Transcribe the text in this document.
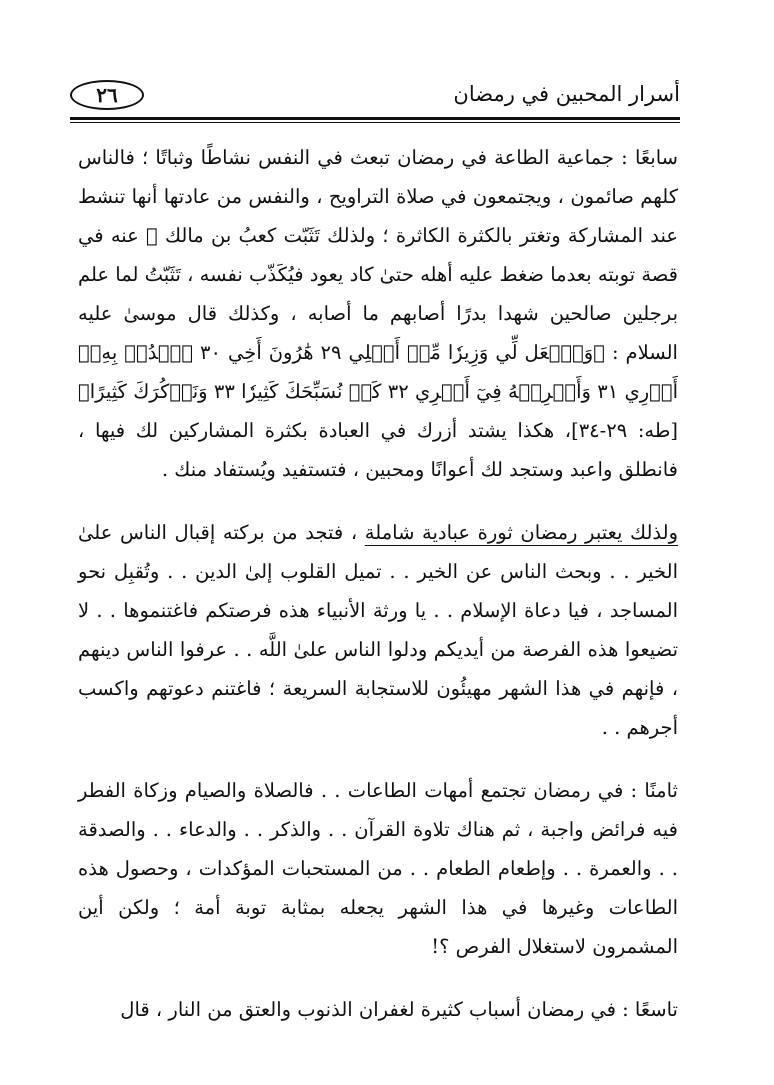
أسرار المحبين في رمضان
٢٦

سابعًا : جماعية الطاعة في رمضان تبعث في النفس نشاطًا وثباتًا ؛ فالناس كلهم صائمون ، ويجتمعون في صلاة التراويح ، والنفس من عادتها أنها تنشط عند المشاركة وتغتر بالكثرة الكاثرة ؛ ولذلك تَثَبّت كعبُ بن مالك ﷺ عنه في قصة توبته بعدما ضغط عليه أهله حتىٰ كاد يعود فيُكَذّب نفسه ، تَثَبّتُ لما علم برجلين صالحين شهدا بدرًا أصابهم ما أصابه ، وكذلك قال موسىٰ عليه السلام : ﴿وَٱجۡعَل لِّي وَزِيرٗا مِّنۡ أَهۡلِي ٢٩ هَٰرُونَ أَخِي ٣٠ ٱشۡدُدۡ بِهِۦٓ أَزۡرِي ٣١ وَأَشۡرِكۡهُ فِيٓ أَمۡرِي ٣٢ كَيۡ نُسَبِّحَكَ كَثِيرٗا ٣٣ وَنَذۡكُرَكَ كَثِيرًا﴾ [طه: ٢٩-٣٤]، هكذا يشتد أزرك في العبادة بكثرة المشاركين لك فيها ، فانطلق واعبد وستجد لك أعوانًا ومحبين ، فتستفيد ويُستفاد منك .

ولذلك يعتبر رمضان ثورة عبادية شاملة ، فتجد من بركته إقبال الناس علىٰ الخير . . وبحث الناس عن الخير . . تميل القلوب إلىٰ الدين . . وتُقبِل نحو المساجد ، فيا دعاة الإسلام . . يا ورثة الأنبياء هذه فرصتكم فاغتنموها . . لا تضيعوا هذه الفرصة من أيديكم ودلوا الناس علىٰ اللَّه . . عرفوا الناس دينهم ، فإنهم في هذا الشهر مهيئُون للاستجابة السريعة ؛ فاغتنم دعوتهم واكسب أجرهم . .

ثامنًا : في رمضان تجتمع أمهات الطاعات . . فالصلاة والصيام وزكاة الفطر فيه فرائض واجبة ، ثم هناك تلاوة القرآن . . والذكر . . والدعاء . . والصدقة . . والعمرة . . وإطعام الطعام . . من المستحبات المؤكدات ، وحصول هذه الطاعات وغيرها في هذا الشهر يجعله بمثابة توبة أمة ؛ ولكن أين المشمرون لاستغلال الفرص ؟!

تاسعًا : في رمضان أسباب كثيرة لغفران الذنوب والعتق من النار ، قال
